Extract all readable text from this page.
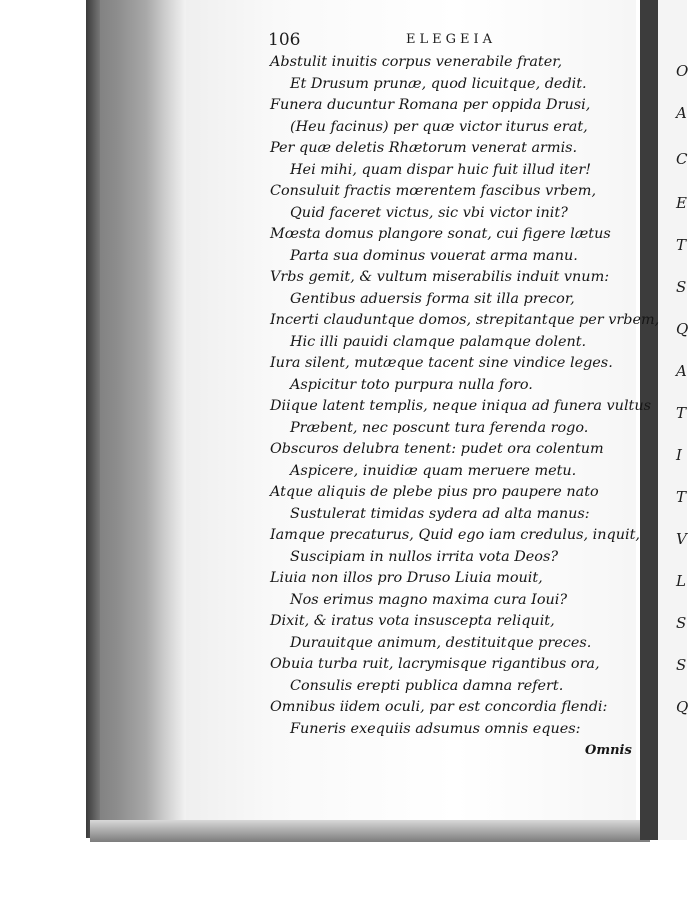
106	ELEGEIA
Abstulit inuitis corpus venerabile frater,
Et Drusum prunæ, quod licuitque, dedit.
Funera ducuntur Romana per oppida Drusi,
(Heu facinus) per quæ victor iturus erat,
Per quæ deletis Rhætorum venerat armis.
Hei mihi, quam dispar huic fuit illud iter!
Consuluit fractis mœrentem fascibus vrbem,
Quid faceret victus, sic vbi victor init?
Mœsta domus plangore sonat, cui figere lætus
Parta sua dominus vouerat arma manu.
Vrbs gemit, & vultum miserabilis induit vnum:
Gentibus aduersis forma sit illa precor,
Incerti clauduntque domos, strepitantque per vrbem,
Hic illi pauidi clamque palamque dolent.
Iura silent, mutæque tacent sine vindice leges.
Aspicitur toto purpura nulla foro.
Diique latent templis, neque iniqua ad funera vultus
Præbent, nec poscunt tura ferenda rogo.
Obscuros delubra tenent: pudet ora colentum
Aspicere, inuidiæ quam meruere metu.
Atque aliquis de plebe pius pro paupere nato
Sustulerat timidas sydera ad alta manus:
Iamque precaturus, Quid ego iam credulus, inquit,
Suscipiam in nullos irrita vota Deos?
Liuia non illos pro Druso Liuia mouit,
Nos erimus magno maxima cura Ioui?
Dixit, & iratus vota insuscepta reliquit,
Durauitque animum, destituitque preces.
Obuia turba ruit, lacrymisque rigantibus ora,
Consulis erepti publica damna refert.
Omnibus iidem oculi, par est concordia flendi:
Funeris exequiis adsumus omnis eques:
Omnis
O
A
C
E
T
S
Q
A
T
I
T
V
L
S
S
Q
